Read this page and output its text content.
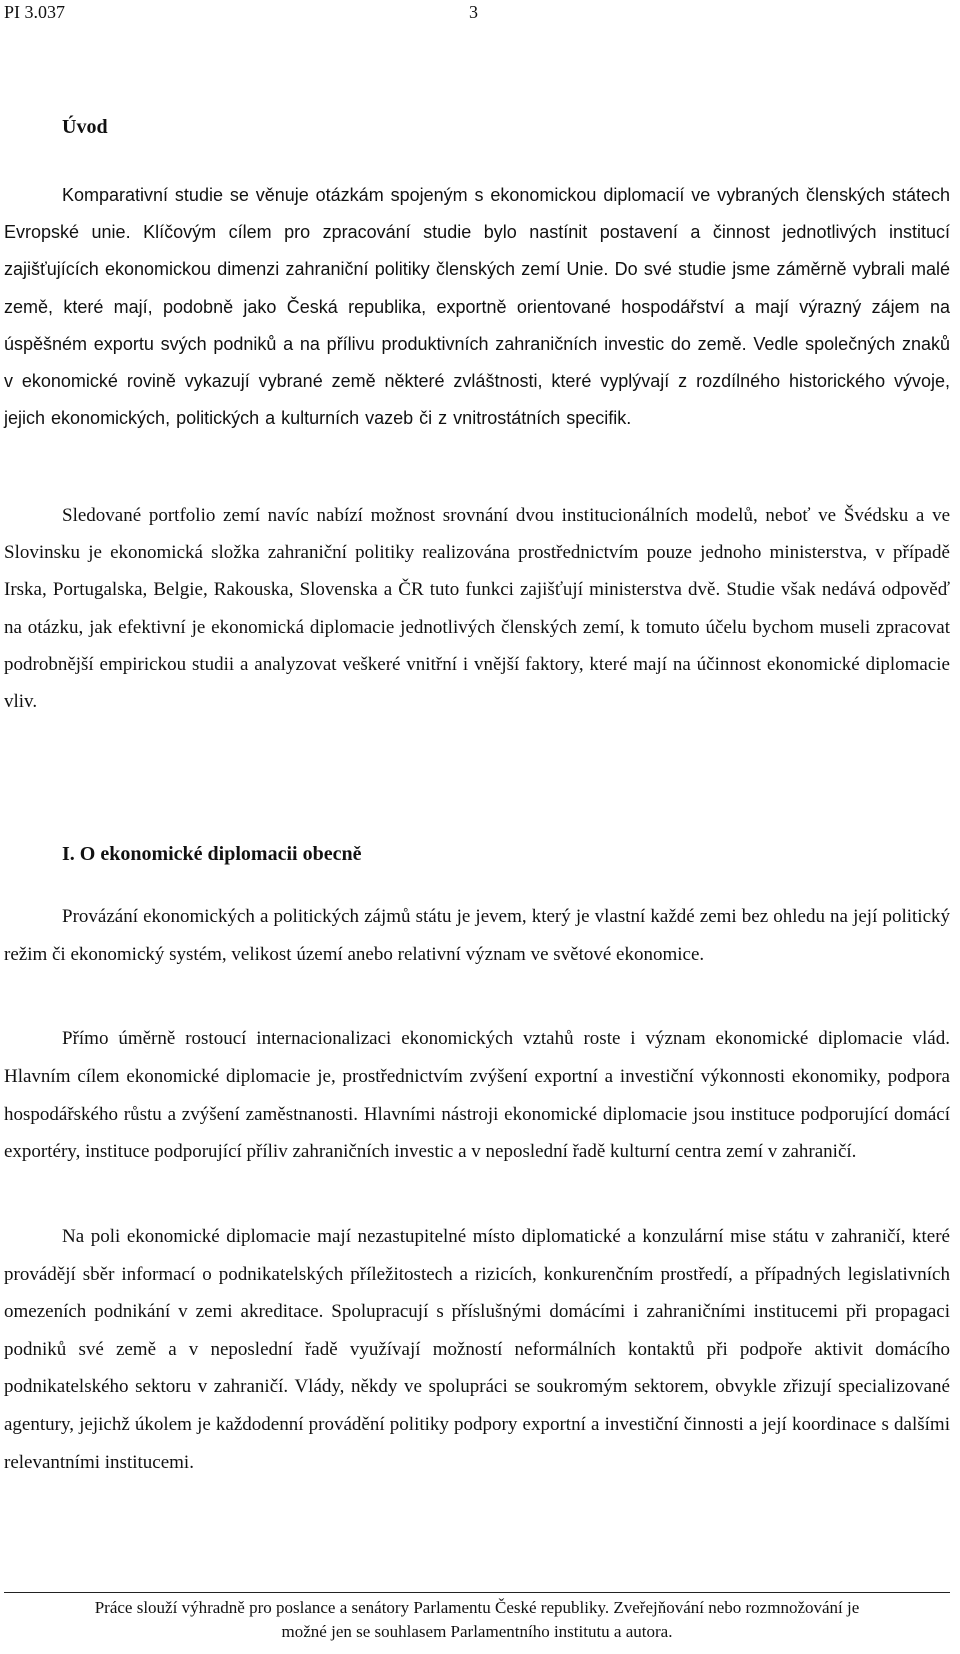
PI 3.037	3
Úvod

Komparativní studie se věnuje otázkám spojeným s ekonomickou diplomacií ve vybraných členských státech Evropské unie. Klíčovým cílem pro zpracování studie bylo nastínit postavení a činnost jednotlivých institucí zajišťujících ekonomickou dimenzi zahraniční politiky členských zemí Unie. Do své studie jsme záměrně vybrali malé země, které mají, podobně jako Česká republika, exportně orientované hospodářství a mají výrazný zájem na úspěšném exportu svých podniků a na přílivu produktivních zahraničních investic do země. Vedle společných znaků v ekonomické rovině vykazují vybrané země některé zvláštnosti, které vyplývají z rozdílného historického vývoje, jejich ekonomických, politických a kulturních vazeb či z vnitrostátních specifik.

Sledované portfolio zemí navíc nabízí možnost srovnání dvou institucionálních modelů, neboť ve Švédsku a ve Slovinsku je ekonomická složka zahraniční politiky realizována prostřednictvím pouze jednoho ministerstva, v případě Irska, Portugalska, Belgie, Rakouska, Slovenska a ČR tuto funkci zajišťují ministerstva dvě. Studie však nedává odpověď na otázku, jak efektivní je ekonomická diplomacie jednotlivých členských zemí, k tomuto účelu bychom museli zpracovat podrobnější empirickou studii a analyzovat veškeré vnitřní i vnější faktory, které mají na účinnost ekonomické diplomacie vliv.

I. O ekonomické diplomacii obecně

Provázání ekonomických a politických zájmů státu je jevem, který je vlastní každé zemi bez ohledu na její politický režim či ekonomický systém, velikost území anebo relativní význam ve světové ekonomice.

Přímo úměrně rostoucí internacionalizaci ekonomických vztahů roste i význam ekonomické diplomacie vlád. Hlavním cílem ekonomické diplomacie je, prostřednictvím zvýšení exportní a investiční výkonnosti ekonomiky, podpora hospodářského růstu a zvýšení zaměstnanosti. Hlavními nástroji ekonomické diplomacie jsou instituce podporující domácí exportéry, instituce podporující příliv zahraničních investic a v neposlední řadě kulturní centra zemí v zahraničí.

Na poli ekonomické diplomacie mají nezastupitelné místo diplomatické a konzulární mise státu v zahraničí, které provádějí sběr informací o podnikatelských příležitostech a rizicích, konkurenčním prostředí, a případných legislativních omezeních podnikání v zemi akreditace. Spolupracují s příslušnými domácími i zahraničními institucemi při propagaci podniků své země a v neposlední řadě využívají možností neformálních kontaktů při podpoře aktivit domácího podnikatelského sektoru v zahraničí. Vlády, někdy ve spolupráci se soukromým sektorem, obvykle zřizují specializované agentury, jejichž úkolem je každodenní provádění politiky podpory exportní a investiční činnosti a její koordinace s dalšími relevantními institucemi.

Práce slouží výhradně pro poslance a senátory Parlamentu České republiky. Zveřejňování nebo rozmnožování je
možné jen se souhlasem Parlamentního institutu a autora.
